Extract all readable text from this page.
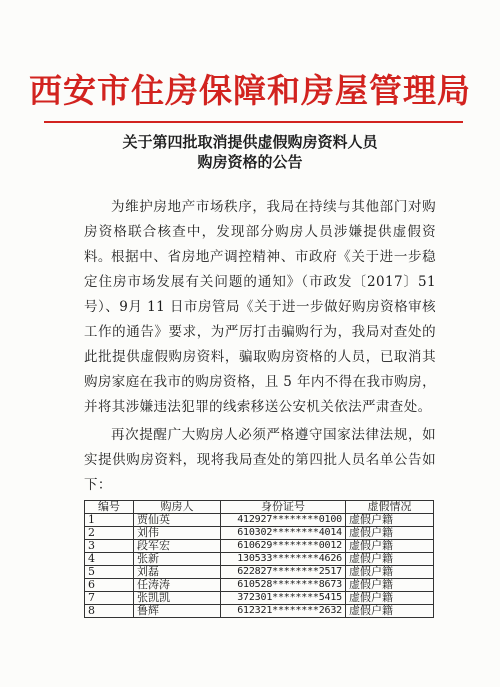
西安市住房保障和房屋管理局
关于第四批取消提供虚假购房资料人员
购房资格的公告

为维护房地产市场秩序，我局在持续与其他部门对购房资格联合核查中，发现部分购房人员涉嫌提供虚假资料。 根据中、省房地产调控精神、市政府《关于进一步稳定住房市场发展有关问题的通知》（市政发〔2017〕51 号）、9月 11 日市房管局《关于进一步做好购房资格审核工作的通告》要求，为严厉打击骗购行为，我局对查处的此批提供虚假购房资料，骗取购房资格的人员，已取消其购房家庭在我市的购房资格，且 5 年内不得在我市购房，并将其涉嫌违法犯罪的线索移送公安机关依法严肃查处。

再次提醒广大购房人必须严格遵守国家法律法规，如实提供购房资料，现将我局查处的第四批人员名单公告如下：

编号	购房人	身份证号	虚假情况
1	贾仙英	412927********0100	虚假户籍
2	刘伟	610302********4014	虚假户籍
3	段军宏	610629********0012	虚假户籍
4	张新	130533********4626	虚假户籍
5	刘磊	622827********2517	虚假户籍
6	任涛涛	610528********8673	虚假户籍
7	张凯凯	372301********5415	虚假户籍
8	鲁辉	612321********2632	虚假户籍
